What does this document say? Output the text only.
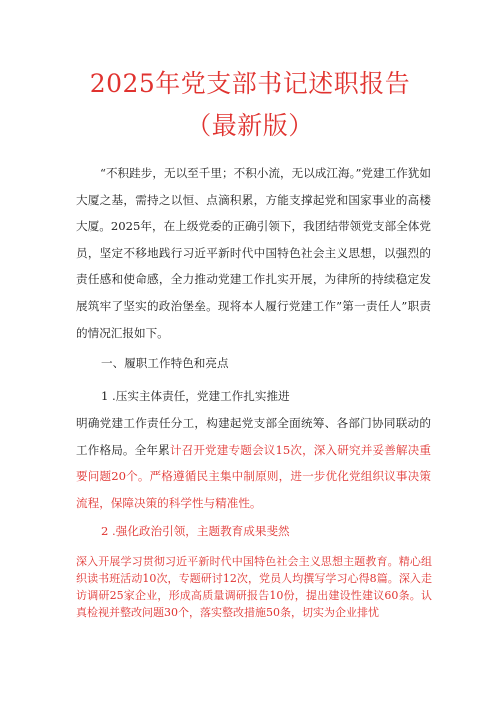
2025年党支部书记述职报告
（最新版）

“不积跬步，无以至千里；不积小流，无以成江海。”党建工作犹如大厦之基，需持之以恒、点滴积累，方能支撑起党和国家事业的高楼大厦。2025年，在上级党委的正确引领下，我团结带领党支部全体党员，坚定不移地践行习近平新时代中国特色社会主义思想，以强烈的责任感和使命感，全力推动党建工作扎实开展，为律所的持续稳定发展筑牢了坚实的政治堡垒。现将本人履行党建工作”第一责任人”职责的情况汇报如下。

一、履职工作特色和亮点
1 .压实主体责任，党建工作扎实推进

明确党建工作责任分工，构建起党支部全面统筹、各部门协同联动的工作格局。全年累计召开党建专题会议15次，深入研究并妥善解决重要问题20个。严格遵循民主集中制原则，进一步优化党组织议事决策流程，保障决策的科学性与精准性。

2 .强化政治引领，主题教育成果斐然

深入开展学习贯彻习近平新时代中国特色社会主义思想主题教育。精心组织读书班活动10次，专题研讨12次，党员人均撰写学习心得8篇。深入走访调研25家企业，形成高质量调研报告10份，提出建设性建议60条。认真检视并整改问题30个，落实整改措施50条，切实为企业排忧
